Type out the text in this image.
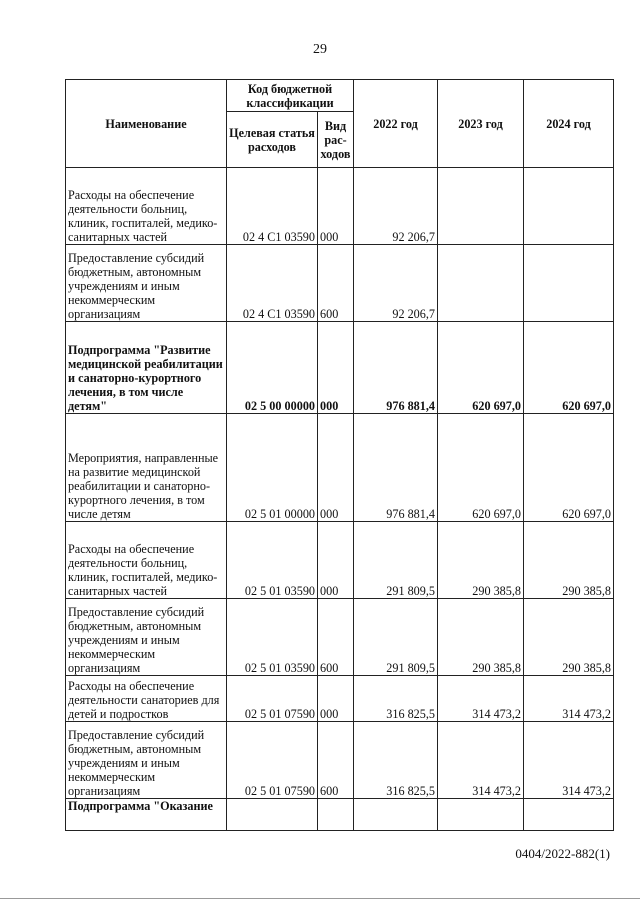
29
Наименование	Код бюджетной классификации		2022 год	2023 год	2024 год
	Целевая статья расходов	Вид рас-ходов			
Расходы на обеспечение деятельности больниц, клиник, госпиталей, медико-санитарных частей	02 4 С1 03590	000	92 206,7		
Предоставление субсидий бюджетным, автономным учреждениям и иным некоммерческим организациям	02 4 С1 03590	600	92 206,7		
Подпрограмма "Развитие медицинской реабилитации и санаторно-курортного лечения, в том числе детям"	02 5 00 00000	000	976 881,4	620 697,0	620 697,0
Мероприятия, направленные на развитие медицинской реабилитации и санаторно-курортного лечения, в том числе детям	02 5 01 00000	000	976 881,4	620 697,0	620 697,0
Расходы на обеспечение деятельности больниц, клиник, госпиталей, медико-санитарных частей	02 5 01 03590	000	291 809,5	290 385,8	290 385,8
Предоставление субсидий бюджетным, автономным учреждениям и иным некоммерческим организациям	02 5 01 03590	600	291 809,5	290 385,8	290 385,8
Расходы на обеспечение деятельности санаториев для детей и подростков	02 5 01 07590	000	316 825,5	314 473,2	314 473,2
Предоставление субсидий бюджетным, автономным учреждениям и иным некоммерческим организациям	02 5 01 07590	600	316 825,5	314 473,2	314 473,2
Подпрограмма "Оказание					
0404/2022-882(1)
